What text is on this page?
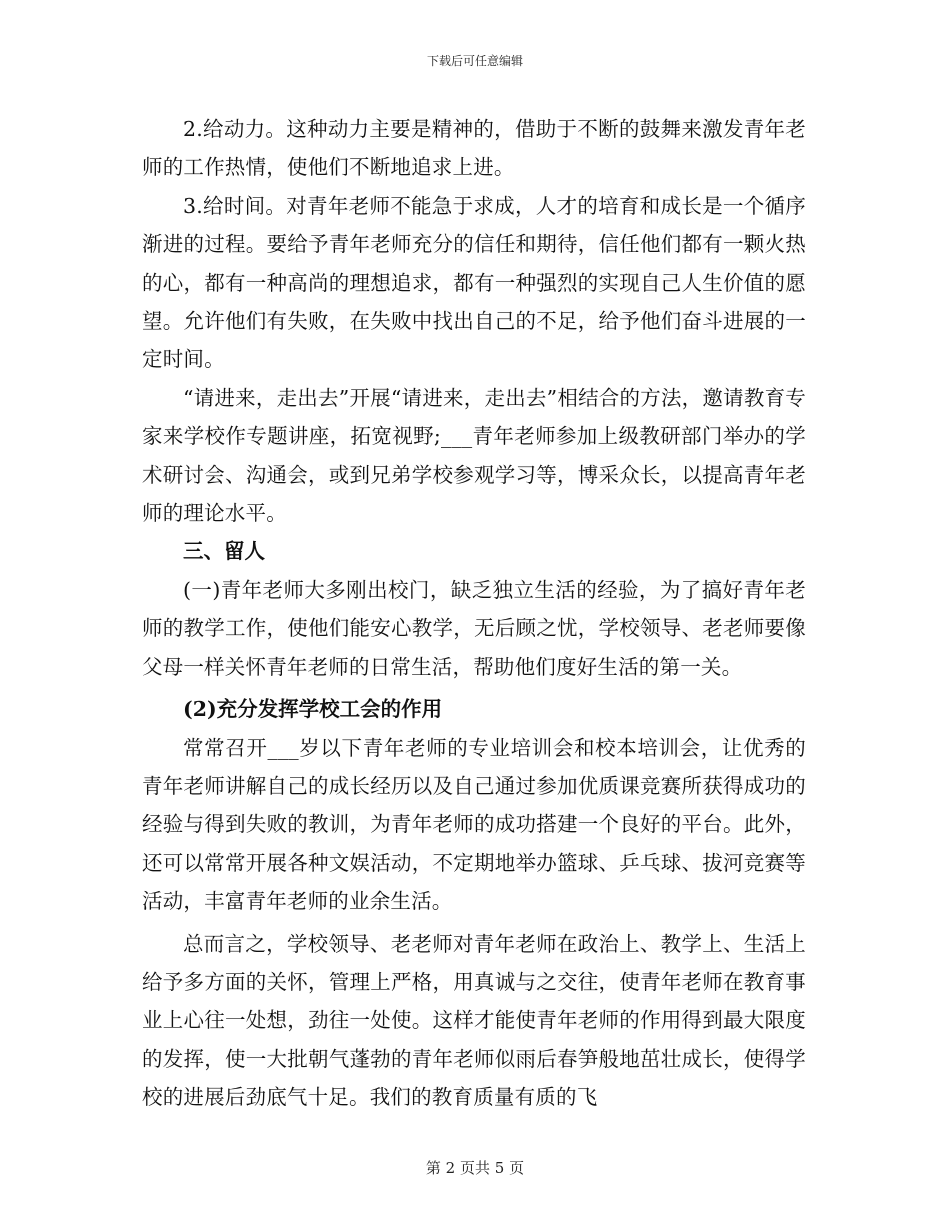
下载后可任意编辑

2.给动力。这种动力主要是精神的，借助于不断的鼓舞来激发青年老师的工作热情，使他们不断地追求上进。

3.给时间。对青年老师不能急于求成，人才的培育和成长是一个循序渐进的过程。要给予青年老师充分的信任和期待，信任他们都有一颗火热的心，都有一种高尚的理想追求，都有一种强烈的实现自己人生价值的愿望。允许他们有失败，在失败中找出自己的不足，给予他们奋斗进展的一定时间。

“请进来，走出去”开展“请进来，走出去”相结合的方法，邀请教育专家来学校作专题讲座，拓宽视野;___青年老师参加上级教研部门举办的学术研讨会、沟通会，或到兄弟学校参观学习等，博采众长，以提高青年老师的理论水平。

三、留人

(一)青年老师大多刚出校门，缺乏独立生活的经验，为了搞好青年老师的教学工作，使他们能安心教学，无后顾之忧，学校领导、老老师要像父母一样关怀青年老师的日常生活，帮助他们度好生活的第一关。

(2)充分发挥学校工会的作用

常常召开___岁以下青年老师的专业培训会和校本培训会，让优秀的青年老师讲解自己的成长经历以及自己通过参加优质课竞赛所获得成功的经验与得到失败的教训，为青年老师的成功搭建一个良好的平台。此外，还可以常常开展各种文娱活动，不定期地举办篮球、乒乓球、拔河竞赛等活动，丰富青年老师的业余生活。

总而言之，学校领导、老老师对青年老师在政治上、教学上、生活上给予多方面的关怀，管理上严格，用真诚与之交往，使青年老师在教育事业上心往一处想，劲往一处使。这样才能使青年老师的作用得到最大限度的发挥，使一大批朝气蓬勃的青年老师似雨后春笋般地茁壮成长，使得学校的进展后劲底气十足。我们的教育质量有质的飞

第 2 页共 5 页
